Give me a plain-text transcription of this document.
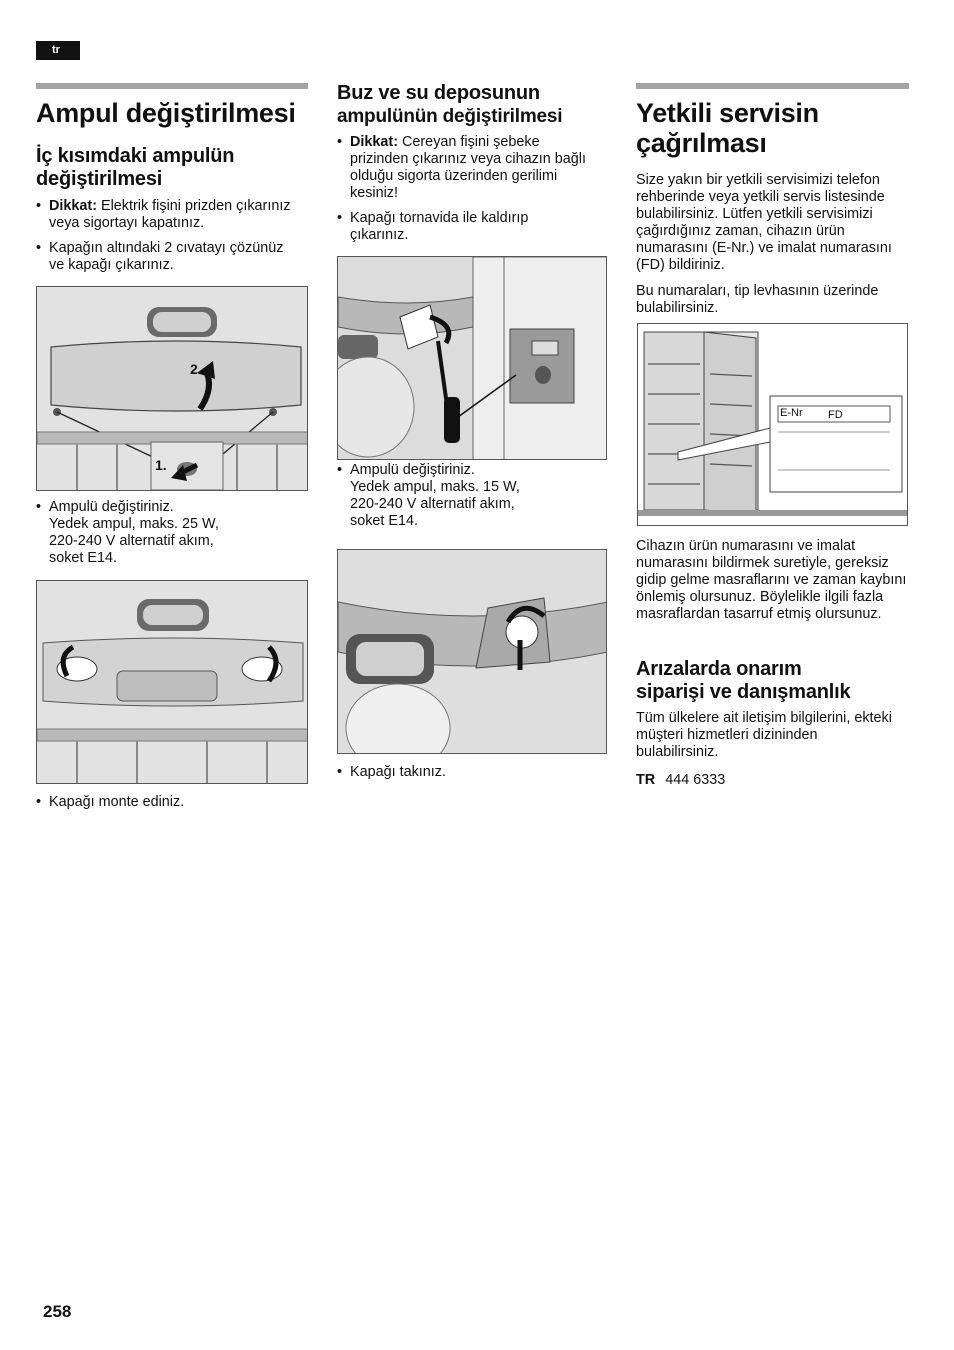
tr
Ampul değiştirilmesi
İç kısımdaki ampulün değiştirilmesi
• Dikkat: Elektrik fişini prizden çıkarınız veya sigortayı kapatınız.
• Kapağın altındaki 2 cıvatayı çözünüz ve kapağı çıkarınız.
2.
1.
• Ampulü değiştiriniz.
Yedek ampul, maks. 25 W,
220-240 V alternatif akım,
soket E14.
• Kapağı monte ediniz.
Buz ve su deposunun
ampulünün değiştirilmesi
• Dikkat: Cereyan fişini şebeke prizinden çıkarınız veya cihazın bağlı olduğu sigorta üzerinden gerilimi kesiniz!
• Kapağı tornavida ile kaldırıp çıkarınız.
• Ampulü değiştiriniz.
Yedek ampul, maks. 15 W,
220-240 V alternatif akım,
soket E14.
• Kapağı takınız.
Yetkili servisin
çağrılması

Size yakın bir yetkili servisimizi telefon rehberinde veya yetkili servis listesinde bulabilirsiniz. Lütfen yetkili servisimizi çağırdığınız zaman, cihazın ürün numarasını (E-Nr.) ve imalat numarasını (FD) bildiriniz.

Bu numaraları, tip levhasının üzerinde bulabilirsiniz.

E-Nr FD

Cihazın ürün numarasını ve imalat numarasını bildirmek suretiyle, gereksiz gidip gelme masraflarını ve zaman kaybını önlemiş olursunuz. Böylelikle ilgili fazla masraflardan tasarruf etmiş olursunuz.

Arızalarda onarım
siparişi ve danışmanlık

Tüm ülkelere ait iletişim bilgilerini, ekteki müşteri hizmetleri dizininden bulabilirsiniz.

TR 444 6333

258
